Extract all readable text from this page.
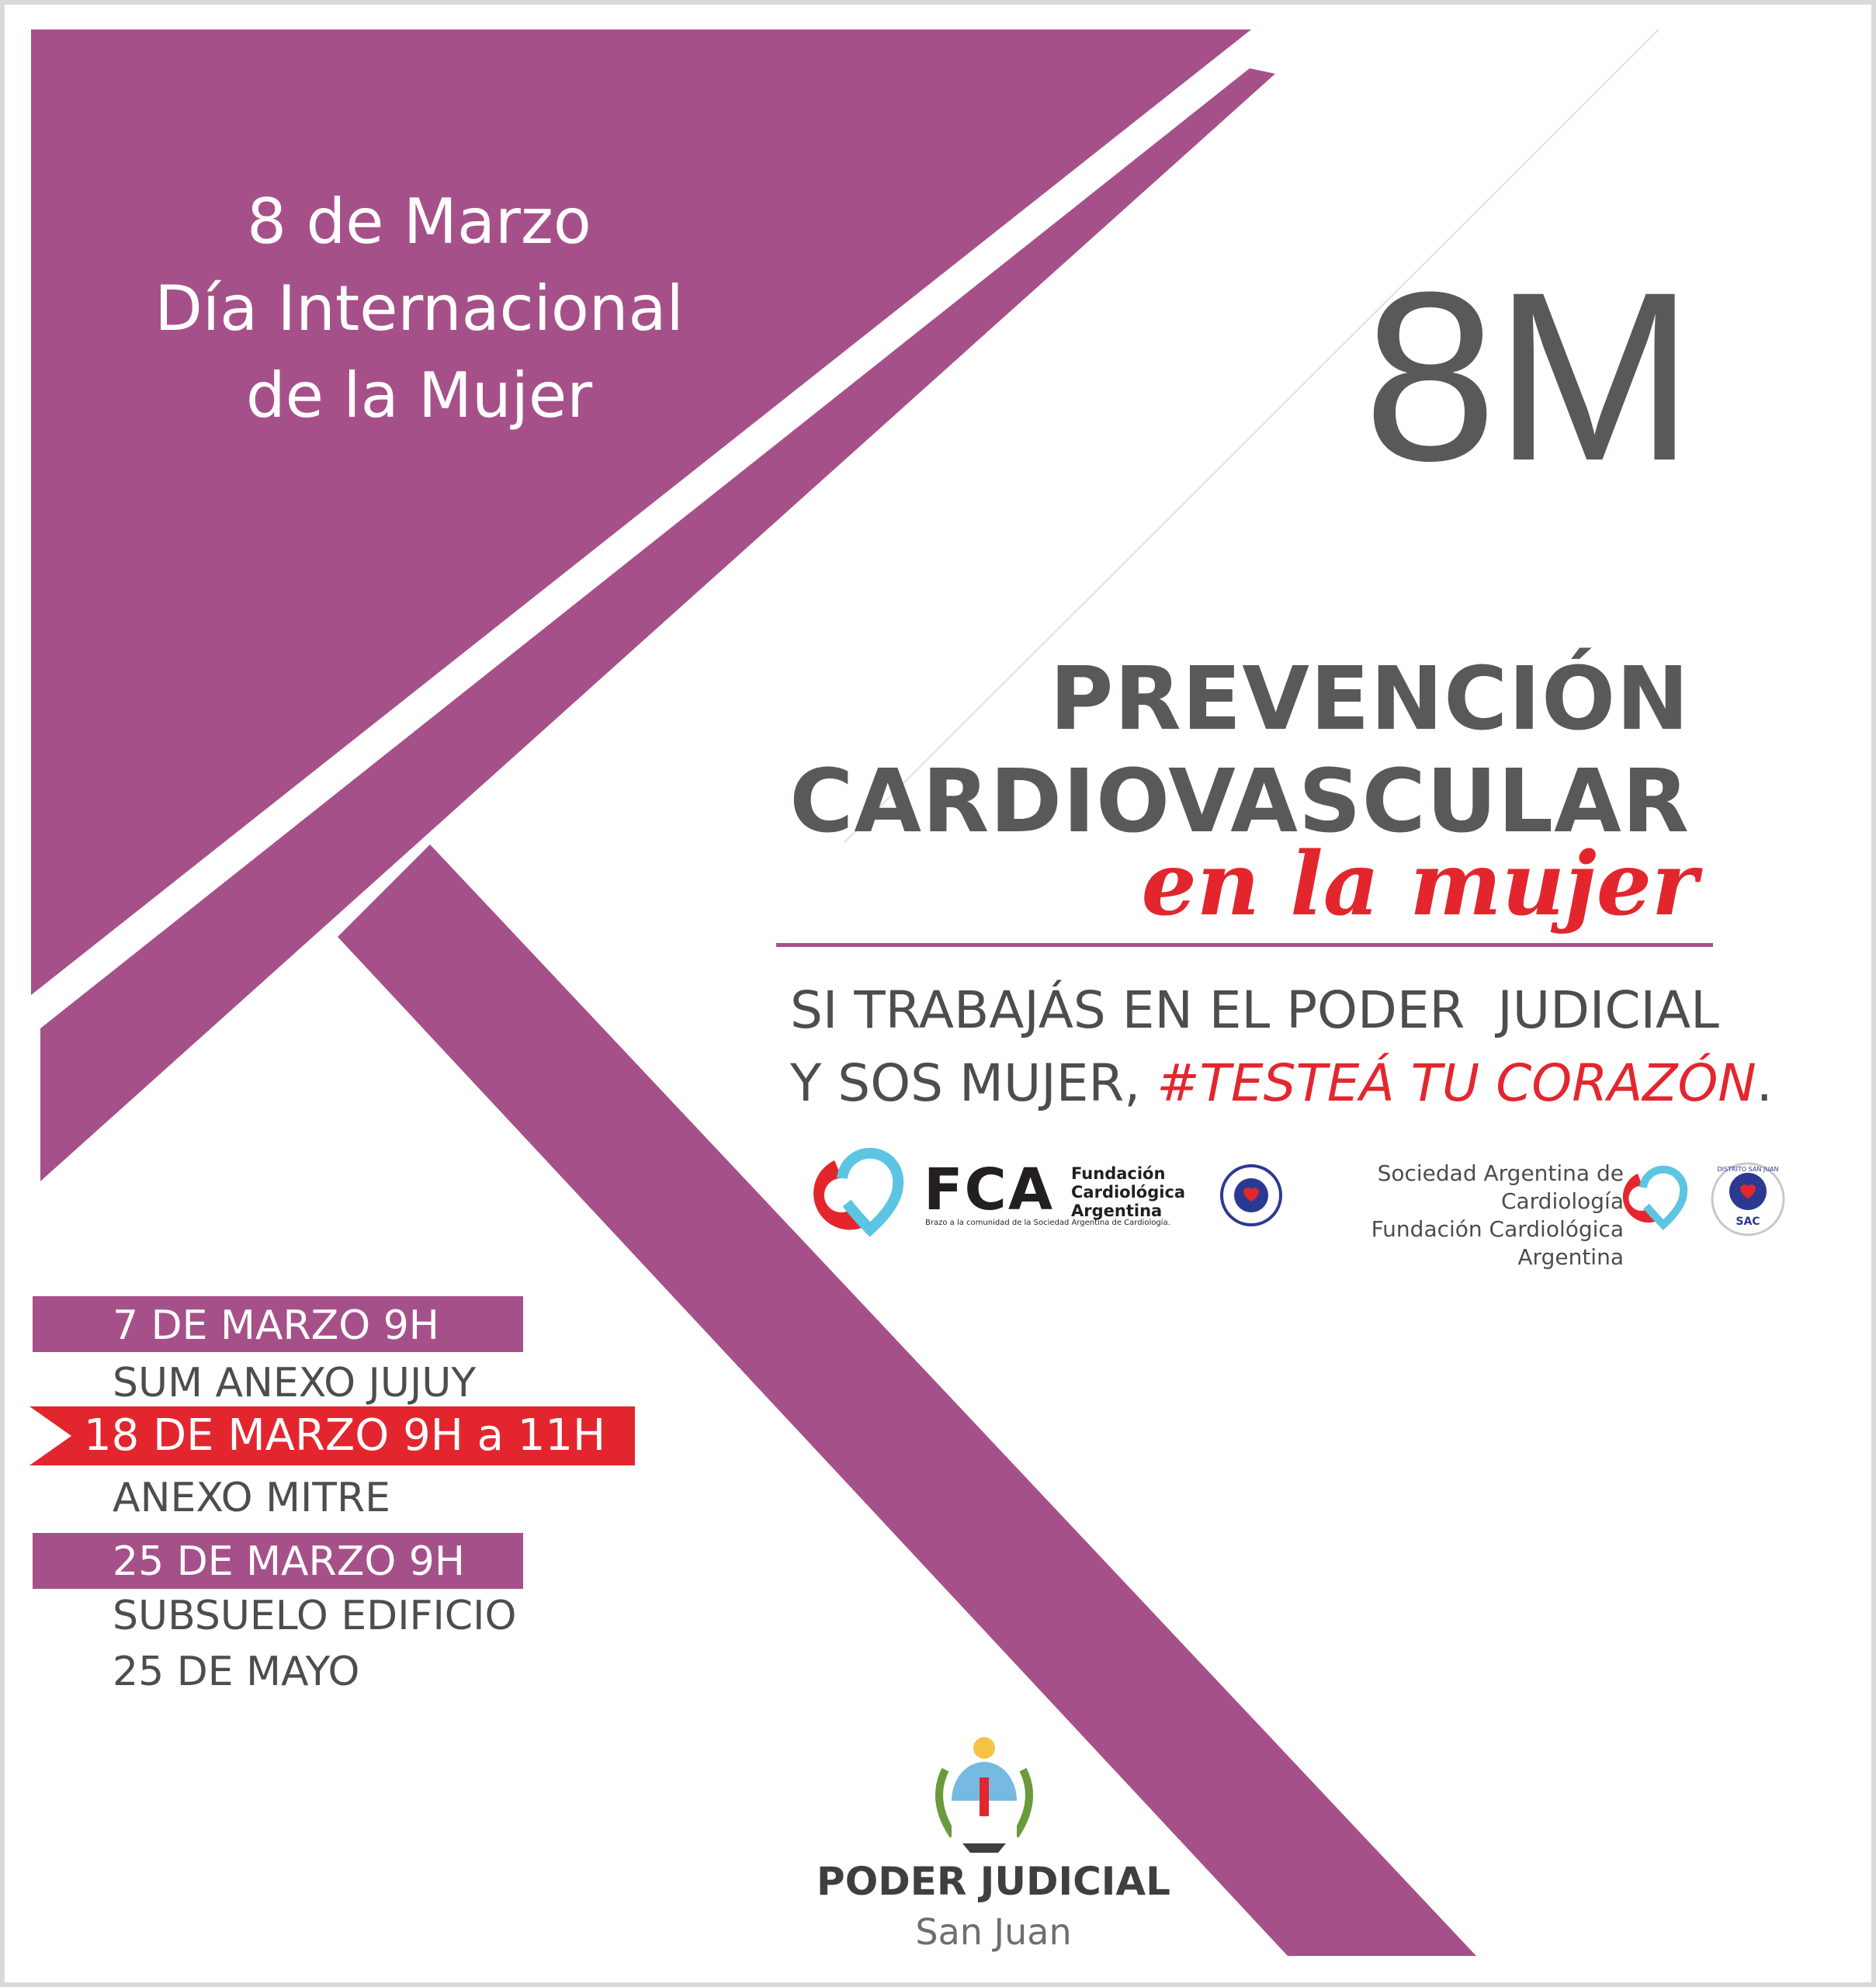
8 de Marzo
Día Internacional
de la Mujer	8M
PREVENCIÓN
CARDIOVASCULAR
en la mujer
SI TRABAJÁS EN EL PODER  JUDICIAL
Y SOS MUJER, #TESTEÁ TU CORAZÓN.
FCA Fundación
Cardiológica
Argentina
Brazo a la comunidad de la Sociedad Argentina de Cardiología.
Sociedad Argentina de Cardiología
Fundación Cardiológica Argentina
SAC
DISTRITO SAN JUAN
7 DE MARZO 9H
SUM ANEXO JUJUY
18 DE MARZO 9H a 11H
ANEXO MITRE
25 DE MARZO 9H
SUBSUELO EDIFICIO
25 DE MAYO
PODER JUDICIAL
San Juan
